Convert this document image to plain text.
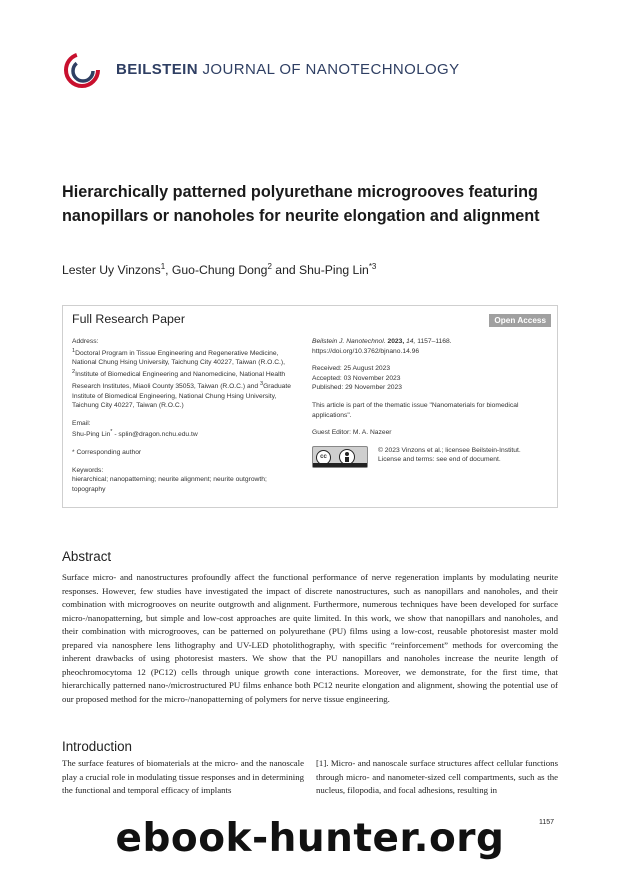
BEILSTEIN JOURNAL OF NANOTECHNOLOGY
Hierarchically patterned polyurethane microgrooves featuring nanopillars or nanoholes for neurite elongation and alignment
Lester Uy Vinzons$^1$, Guo-Chung Dong$^2$ and Shu-Ping Lin$^{*3}$
Full Research Paper	Open Access
Address:
$^1$Doctoral Program in Tissue Engineering and Regenerative Medicine, National Chung Hsing University, Taichung City 40227, Taiwan (R.O.C.), $^2$Institute of Biomedical Engineering and Nanomedicine, National Health Research Institutes, Miaoli County 35053, Taiwan (R.O.C.) and $^3$Graduate Institute of Biomedical Engineering, National Chung Hsing University, Taichung City 40227, Taiwan (R.O.C.)
Email:
Shu-Ping Lin* - splin@dragon.nchu.edu.tw
* Corresponding author
Keywords:
hierarchical; nanopatterning; neurite alignment; neurite outgrowth; topography
Beilstein J. Nanotechnol. 2023, 14, 1157–1168.
https://doi.org/10.3762/bjnano.14.96
Received: 25 August 2023
Accepted: 03 November 2023
Published: 29 November 2023
This article is part of the thematic issue "Nanomaterials for biomedical applications".
Guest Editor: M. A. Nazeer
cc
© 2023 Vinzons et al.; licensee Beilstein-Institut.
License and terms: see end of document.
Abstract
Surface micro- and nanostructures profoundly affect the functional performance of nerve regeneration implants by modulating neurite responses. However, few studies have investigated the impact of discrete nanostructures, such as nanopillars and nanoholes, and their combination with microgrooves on neurite outgrowth and alignment. Furthermore, numerous techniques have been developed for surface micro-/nanopatterning, but simple and low-cost approaches are quite limited. In this work, we show that nanopillars and nanoholes, and their combination with microgrooves, can be patterned on polyurethane (PU) films using a low-cost, reusable photoresist master mold prepared via nanosphere lens lithography and UV-LED photolithography, with specific “reinforcement” methods for overcoming the inherent drawbacks of using photoresist masters. We show that the PU nanopillars and nanoholes increase the neurite length of pheochromocytoma 12 (PC12) cells through unique growth cone interactions. Moreover, we demonstrate, for the first time, that hierarchically patterned nano-/microstructured PU films enhance both PC12 neurite elongation and alignment, showing the potential use of our proposed method for the micro-/nanopatterning of polymers for nerve tissue engineering.
Introduction
The surface features of biomaterials at the micro- and the nanoscale play a crucial role in modulating tissue responses and in determining the functional and temporal efficacy of implants
[1]. Micro- and nanoscale surface structures affect cellular functions through micro- and nanometer-sized cell compartments, such as the nucleus, filopodia, and focal adhesions, resulting in
1157
ebook-hunter.org
